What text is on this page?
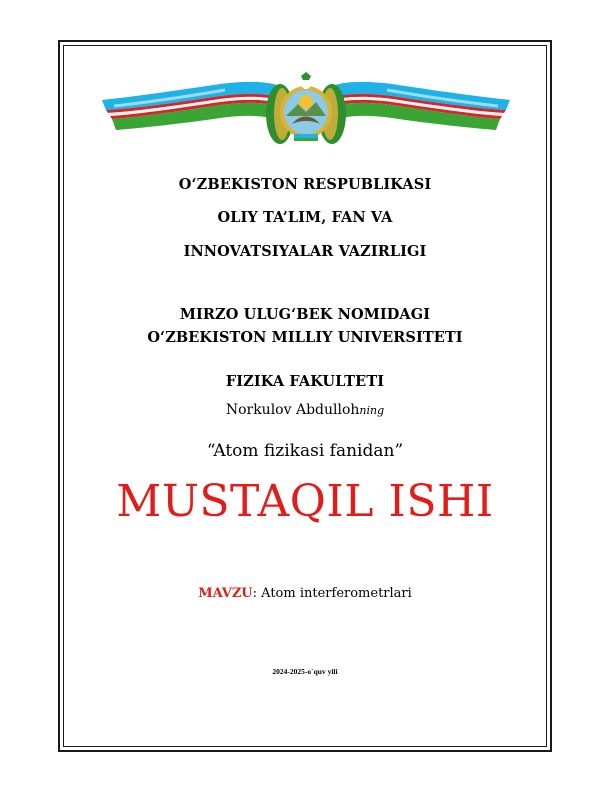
O‘ZBEKISTON RESPUBLIKASI
OLIY TA’LIM, FAN VA
INNOVATSIYALAR VAZIRLIGI
MIRZO ULUG‘BEK NOMIDAGI
O‘ZBEKISTON MILLIY UNIVERSITETI
FIZIKA FAKULTETI
Norkulov Abdullohning
“Atom fizikasi fanidan”
MUSTAQIL ISHI
MAVZU: Atom interferometrlari
2024-2025-o`quv yili
